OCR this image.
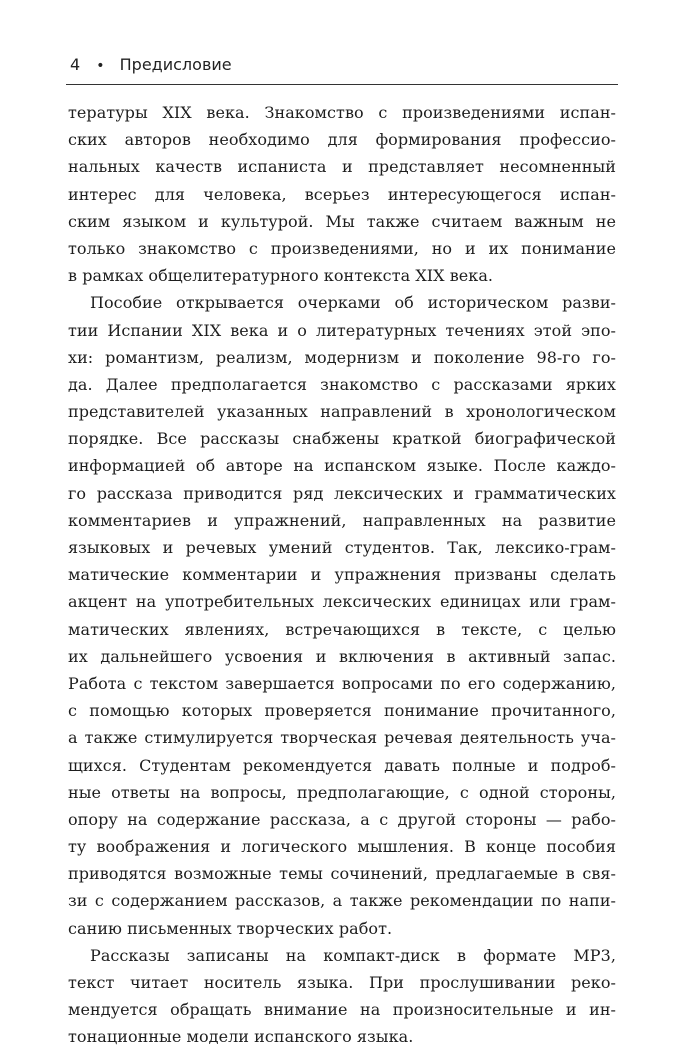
4 • Предисловие
тературы XIX века. Знакомство с произведениями испан-
ских авторов необходимо для формирования профессио-
нальных качеств испаниста и представляет несомненный
интерес для человека, всерьез интересующегося испан-
ским языком и культурой. Мы также считаем важным не
только знакомство с произведениями, но и их понимание
в рамках общелитературного контекста XIX века.
Пособие открывается очерками об историческом разви-
тии Испании XIX века и о литературных течениях этой эпо-
хи: романтизм, реализм, модернизм и поколение 98-го го-
да. Далее предполагается знакомство с рассказами ярких
представителей указанных направлений в хронологическом
порядке. Все рассказы снабжены краткой биографической
информацией об авторе на испанском языке. После каждо-
го рассказа приводится ряд лексических и грамматических
комментариев и упражнений, направленных на развитие
языковых и речевых умений студентов. Так, лексико-грам-
матические комментарии и упражнения призваны сделать
акцент на употребительных лексических единицах или грам-
матических явлениях, встречающихся в тексте, с целью
их дальнейшего усвоения и включения в активный запас.
Работа с текстом завершается вопросами по его содержанию,
с помощью которых проверяется понимание прочитанного,
а также стимулируется творческая речевая деятельность уча-
щихся. Студентам рекомендуется давать полные и подроб-
ные ответы на вопросы, предполагающие, с одной стороны,
опору на содержание рассказа, а с другой стороны — рабо-
ту воображения и логического мышления. В конце пособия
приводятся возможные темы сочинений, предлагаемые в свя-
зи с содержанием рассказов, а также рекомендации по напи-
санию письменных творческих работ.
Рассказы записаны на компакт-диск в формате MP3,
текст читает носитель языка. При прослушивании реко-
мендуется обращать внимание на произносительные и ин-
тонационные модели испанского языка.
